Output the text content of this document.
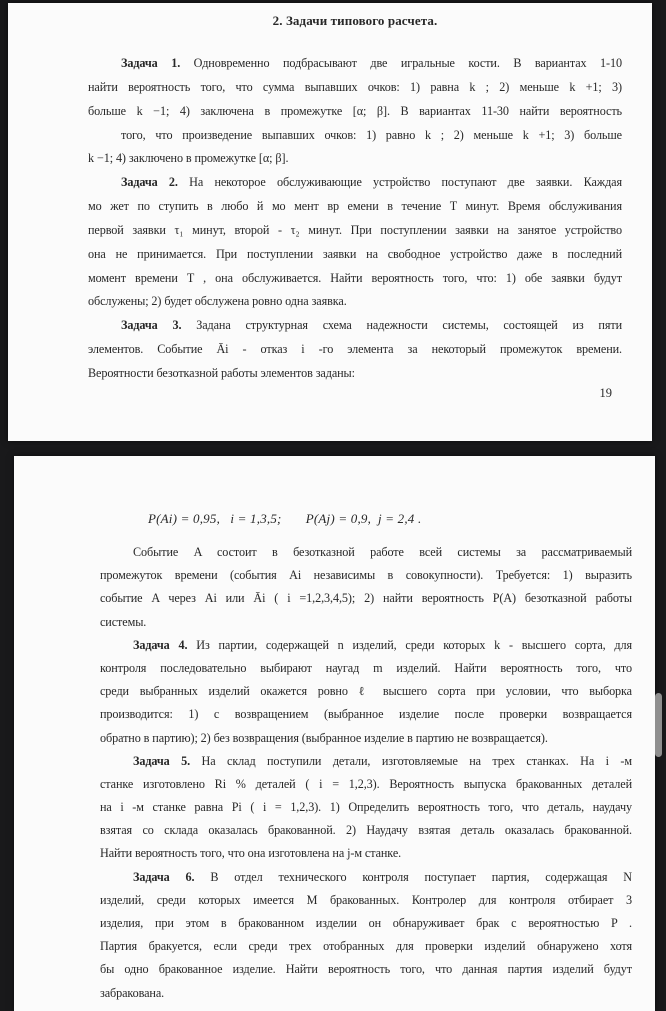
2. Задачи типового расчета.
Задача 1. Одновременно подбрасывают две игральные кости. В вариантах 1-10
найти вероятность того, что сумма выпавших очков: 1) равна k ; 2) меньше k +1; 3)
больше k −1; 4) заключена в промежутке [α; β]. В вариантах 11-30 найти вероятность
того, что произведение выпавших очков: 1) равно k ; 2) меньше k +1; 3) больше
k −1; 4) заключено в промежутке [α; β].
Задача 2. На некоторое обслуживающие устройство поступают две заявки. Каждая
мо жет по ступить в любо й мо мент вр емени в течение T минут. Время обслуживания
первой заявки τ₁ минут, второй - τ₂ минут. При поступлении заявки на занятое устройство
она не принимается. При поступлении заявки на свободное устройство даже в последний
момент времени T , она обслуживается. Найти вероятность того, что: 1) обе заявки будут
обслужены; 2) будет обслужена ровно одна заявка.
Задача 3. Задана структурная схема надежности системы, состоящей из пяти
элементов. Событие Āi - отказ i -го элемента за некоторый промежуток времени.
Вероятности безотказной работы элементов заданы:
19
P(Ai) = 0,95,   i = 1,3,5;       P(Aj) = 0,9,  j = 2,4 .
Событие A состоит в безотказной работе всей системы за рассматриваемый
промежуток времени (события Ai независимы в совокупности). Требуется: 1) выразить
событие A через Ai или Āi ( i =1,2,3,4,5); 2) найти вероятность P(A) безотказной работы
системы.
Задача 4. Из партии, содержащей n изделий, среди которых k - высшего сорта, для
контроля последовательно выбирают наугад m изделий. Найти вероятность того, что
среди выбранных изделий окажется ровно ℓ высшего сорта при условии, что выборка
производится: 1) с возвращением (выбранное изделие после проверки возвращается
обратно в партию); 2) без возвращения (выбранное изделие в партию не возвращается).
Задача 5. На склад поступили детали, изготовляемые на трех станках. На i -м
станке изготовлено Ri % деталей ( i = 1,2,3). Вероятность выпуска бракованных деталей
на i -м станке равна Pi ( i = 1,2,3). 1) Определить вероятность того, что деталь, наудачу
взятая со склада оказалась бракованной. 2) Наудачу взятая деталь оказалась бракованной.
Найти вероятность того, что она изготовлена на j-м станке.
Задача 6. В отдел технического контроля поступает партия, содержащая N
изделий, среди которых имеется M бракованных. Контролер для контроля отбирает 3
изделия, при этом в бракованном изделии он обнаруживает брак с вероятностью P .
Партия бракуется, если среди трех отобранных для проверки изделий обнаружено хотя
бы одно бракованное изделие. Найти вероятность того, что данная партия изделий будут
забракована.
